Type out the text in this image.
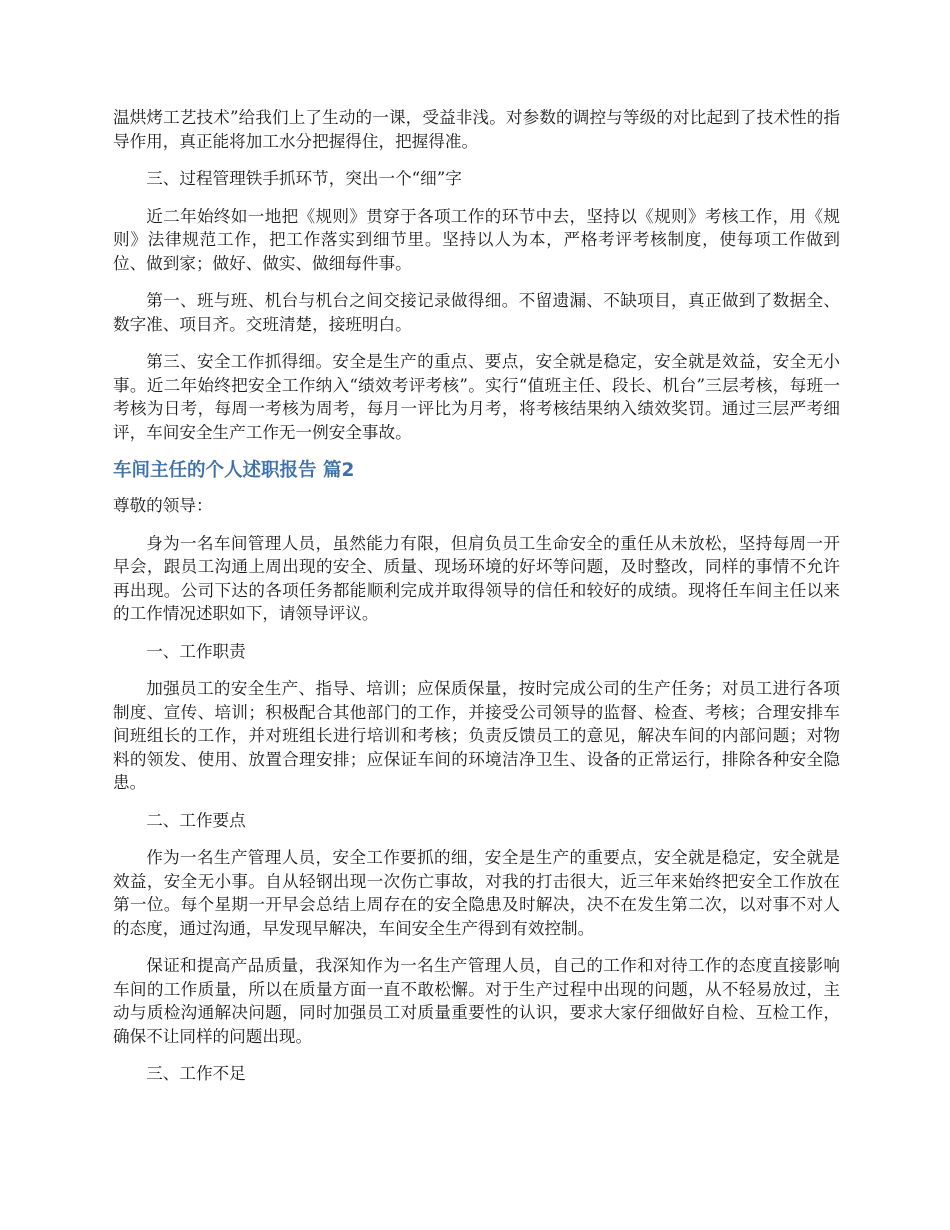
温烘烤工艺技术”给我们上了生动的一课，受益非浅。对参数的调控与等级的对比起到了技术性的指导作用，真正能将加工水分把握得住，把握得准。

三、过程管理铁手抓环节，突出一个“细”字

近二年始终如一地把《规则》贯穿于各项工作的环节中去，坚持以《规则》考核工作，用《规则》法律规范工作，把工作落实到细节里。坚持以人为本，严格考评考核制度，使每项工作做到位、做到家；做好、做实、做细每件事。

第一、班与班、机台与机台之间交接记录做得细。不留遗漏、不缺项目，真正做到了数据全、数字准、项目齐。交班清楚，接班明白。

第三、安全工作抓得细。安全是生产的重点、要点，安全就是稳定，安全就是效益，安全无小事。近二年始终把安全工作纳入“绩效考评考核”。实行“值班主任、段长、机台”三层考核，每班一考核为日考，每周一考核为周考，每月一评比为月考，将考核结果纳入绩效奖罚。通过三层严考细评，车间安全生产工作无一例安全事故。

车间主任的个人述职报告 篇2

尊敬的领导：

身为一名车间管理人员，虽然能力有限，但肩负员工生命安全的重任从未放松，坚持每周一开早会，跟员工沟通上周出现的安全、质量、现场环境的好坏等问题，及时整改，同样的事情不允许再出现。公司下达的各项任务都能顺利完成并取得领导的信任和较好的成绩。现将任车间主任以来的工作情况述职如下，请领导评议。

一、工作职责

加强员工的安全生产、指导、培训；应保质保量，按时完成公司的生产任务；对员工进行各项制度、宣传、培训；积极配合其他部门的工作，并接受公司领导的监督、检查、考核；合理安排车间班组长的工作，并对班组长进行培训和考核；负责反馈员工的意见，解决车间的内部问题；对物料的领发、使用、放置合理安排；应保证车间的环境洁净卫生、设备的正常运行，排除各种安全隐患。

二、工作要点

作为一名生产管理人员，安全工作要抓的细，安全是生产的重要点，安全就是稳定，安全就是效益，安全无小事。自从轻钢出现一次伤亡事故，对我的打击很大，近三年来始终把安全工作放在第一位。每个星期一开早会总结上周存在的安全隐患及时解决，决不在发生第二次，以对事不对人的态度，通过沟通，早发现早解决，车间安全生产得到有效控制。

保证和提高产品质量，我深知作为一名生产管理人员，自己的工作和对待工作的态度直接影响车间的工作质量，所以在质量方面一直不敢松懈。对于生产过程中出现的问题，从不轻易放过，主动与质检沟通解决问题，同时加强员工对质量重要性的认识，要求大家仔细做好自检、互检工作，确保不让同样的问题出现。

三、工作不足
